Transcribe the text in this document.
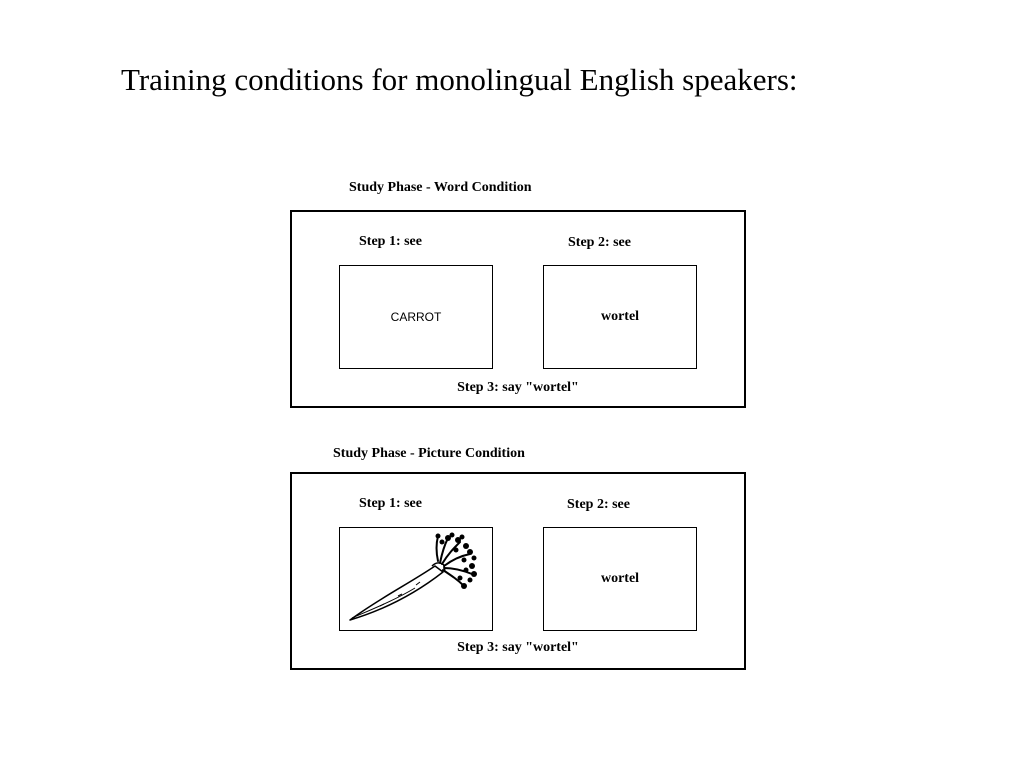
Training conditions for monolingual English speakers:
Study Phase - Word Condition
Step 1: see	Step 2: see
CARROT	wortel
Step 3: say "wortel"
Study Phase - Picture Condition
Step 1: see	Step 2: see
wortel
Step 3: say "wortel"
